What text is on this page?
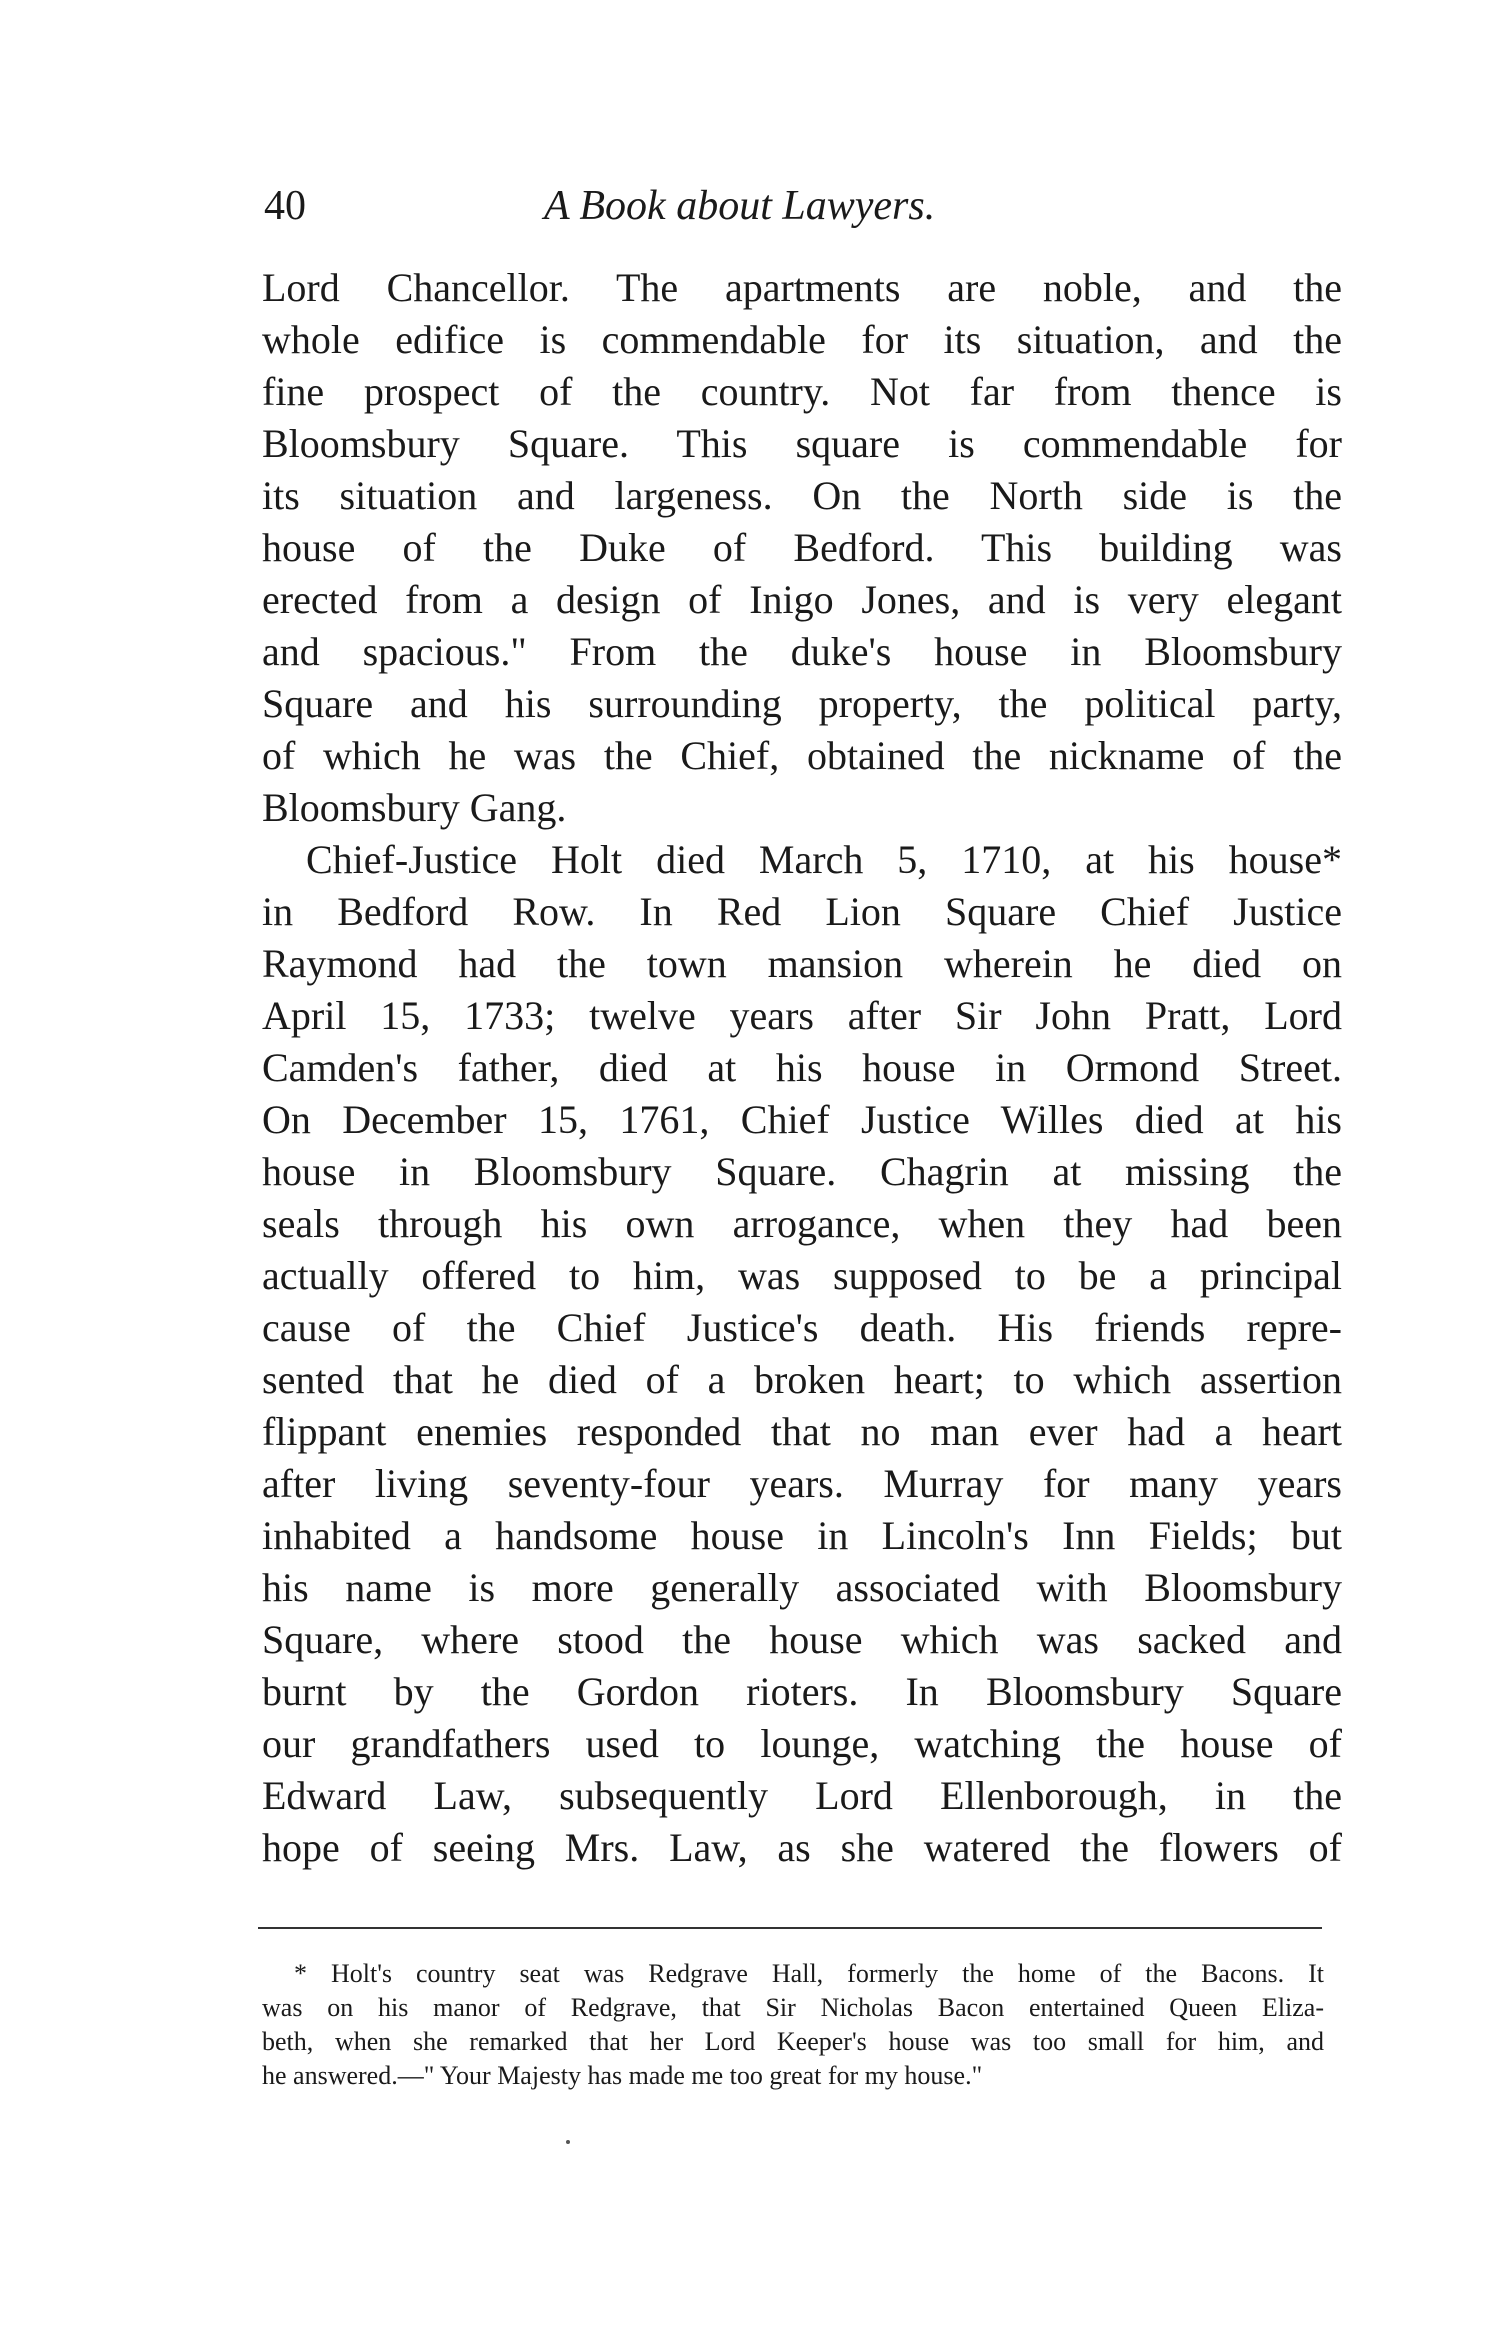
40	A Book about Lawyers.
Lord Chancellor. The apartments are noble, and the
whole edifice is commendable for its situation, and the
fine prospect of the country. Not far from thence is
Bloomsbury Square. This square is commendable for
its situation and largeness. On the North side is the
house of the Duke of Bedford. This building was
erected from a design of Inigo Jones, and is very elegant
and spacious." From the duke's house in Bloomsbury
Square and his surrounding property, the political party,
of which he was the Chief, obtained the nickname of the
Bloomsbury Gang.
Chief-Justice Holt died March 5, 1710, at his house*
in Bedford Row. In Red Lion Square Chief Justice
Raymond had the town mansion wherein he died on
April 15, 1733; twelve years after Sir John Pratt, Lord
Camden's father, died at his house in Ormond Street.
On December 15, 1761, Chief Justice Willes died at his
house in Bloomsbury Square. Chagrin at missing the
seals through his own arrogance, when they had been
actually offered to him, was supposed to be a principal
cause of the Chief Justice's death. His friends repre-
sented that he died of a broken heart; to which assertion
flippant enemies responded that no man ever had a heart
after living seventy-four years. Murray for many years
inhabited a handsome house in Lincoln's Inn Fields; but
his name is more generally associated with Bloomsbury
Square, where stood the house which was sacked and
burnt by the Gordon rioters. In Bloomsbury Square
our grandfathers used to lounge, watching the house of
Edward Law, subsequently Lord Ellenborough, in the
hope of seeing Mrs. Law, as she watered the flowers of
* Holt's country seat was Redgrave Hall, formerly the home of the Bacons. It
was on his manor of Redgrave, that Sir Nicholas Bacon entertained Queen Eliza-
beth, when she remarked that her Lord Keeper's house was too small for him, and
he answered.—" Your Majesty has made me too great for my house."
